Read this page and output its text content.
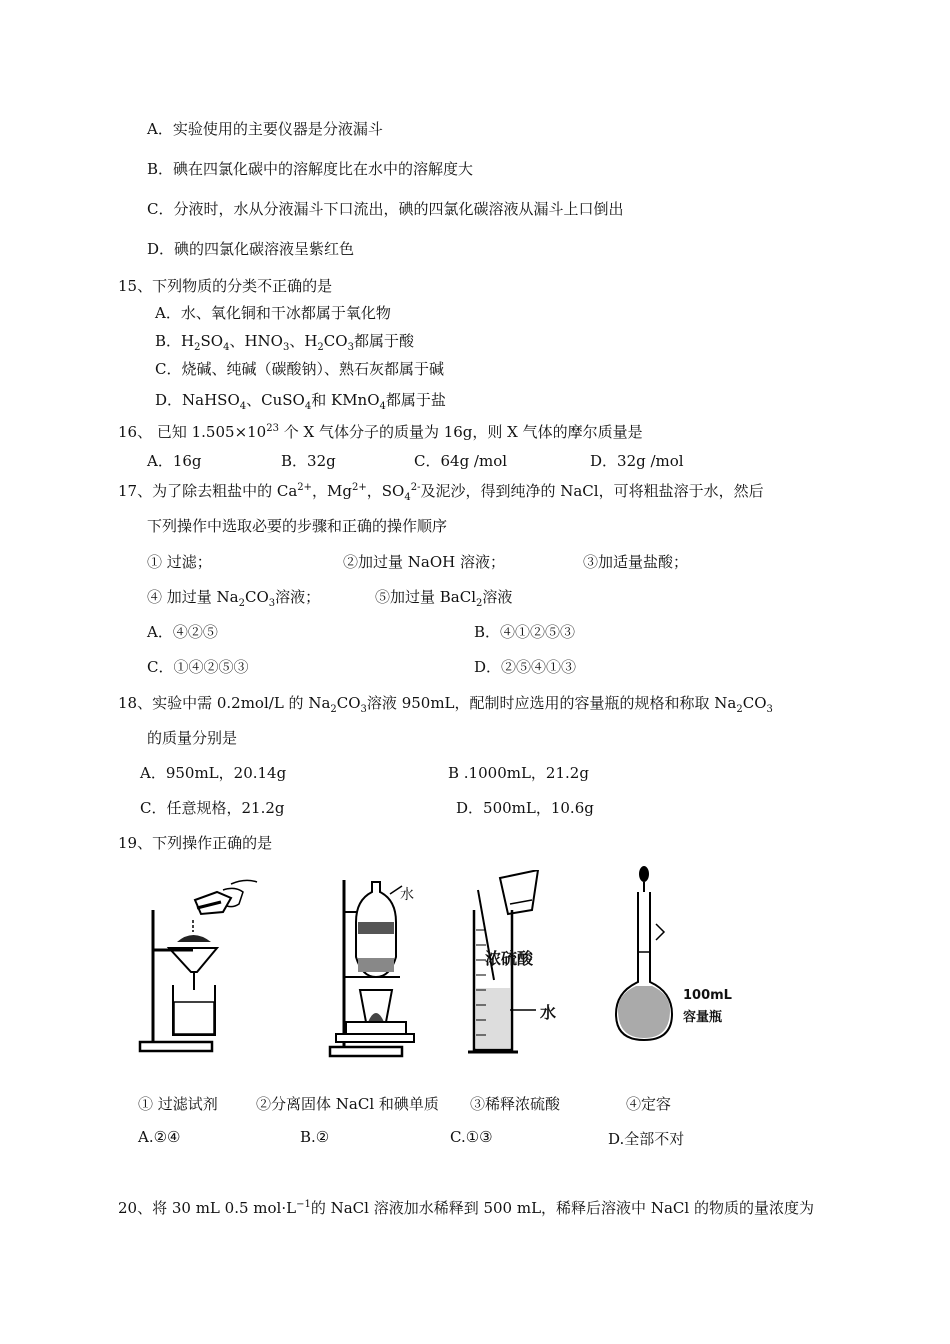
A．实验使用的主要仪器是分液漏斗
B．碘在四氯化碳中的溶解度比在水中的溶解度大
C．分液时，水从分液漏斗下口流出，碘的四氯化碳溶液从漏斗上口倒出
D．碘的四氯化碳溶液呈紫红色
15、下列物质的分类不正确的是
A．水、氧化铜和干冰都属于氧化物
B．$H_2SO_4$、$HNO_3$、$H_2CO_3$都属于酸
C．烧碱、纯碱（碳酸钠）、熟石灰都属于碱
D．NaHSO$_4$、CuSO$_4$和 KMnO$_4$都属于盐
16、 已知 $1.505\times 10^{23}$ 个 X 气体分子的质量为 16g，则 X 气体的摩尔质量是
A．16g	B．32g	C．64g /mol	D．32g /mol
17、为了除去粗盐中的 $Ca^{2+}$，$Mg^{2+}$，$SO_4^{2-}$及泥沙，得到纯净的 NaCl，可将粗盐溶于水，然后
下列操作中选取必要的步骤和正确的操作顺序
① 过滤；	②加过量 NaOH 溶液；	③加适量盐酸；
④ 加过量 $Na_2CO_3$溶液；	⑤加过量 BaCl$_2$溶液
A．④②⑤	B．④①②⑤③
C．①④②⑤③	D．②⑤④①③
18、实验中需 0.2mol/L 的 $Na_2CO_3$溶液 950mL，配制时应选用的容量瓶的规格和称取 $Na_2CO_3$
的质量分别是
A．950mL，20.14g	B .1000mL，21.2g
C．任意规格，21.2g	D．500mL，10.6g
19、下列操作正确的是
水
浓硫酸
水
100mL
容量瓶
① 过滤试剂	②分离固体 NaCl 和碘单质 ③稀释浓硫酸	④定容
A.②④	B.②	C.①③	D.全部不对
20、将 30 mL 0.5 $mol\cdot L^{-1}$的 NaCl 溶液加水稀释到 500 mL，稀释后溶液中 NaCl 的物质的量浓度为
